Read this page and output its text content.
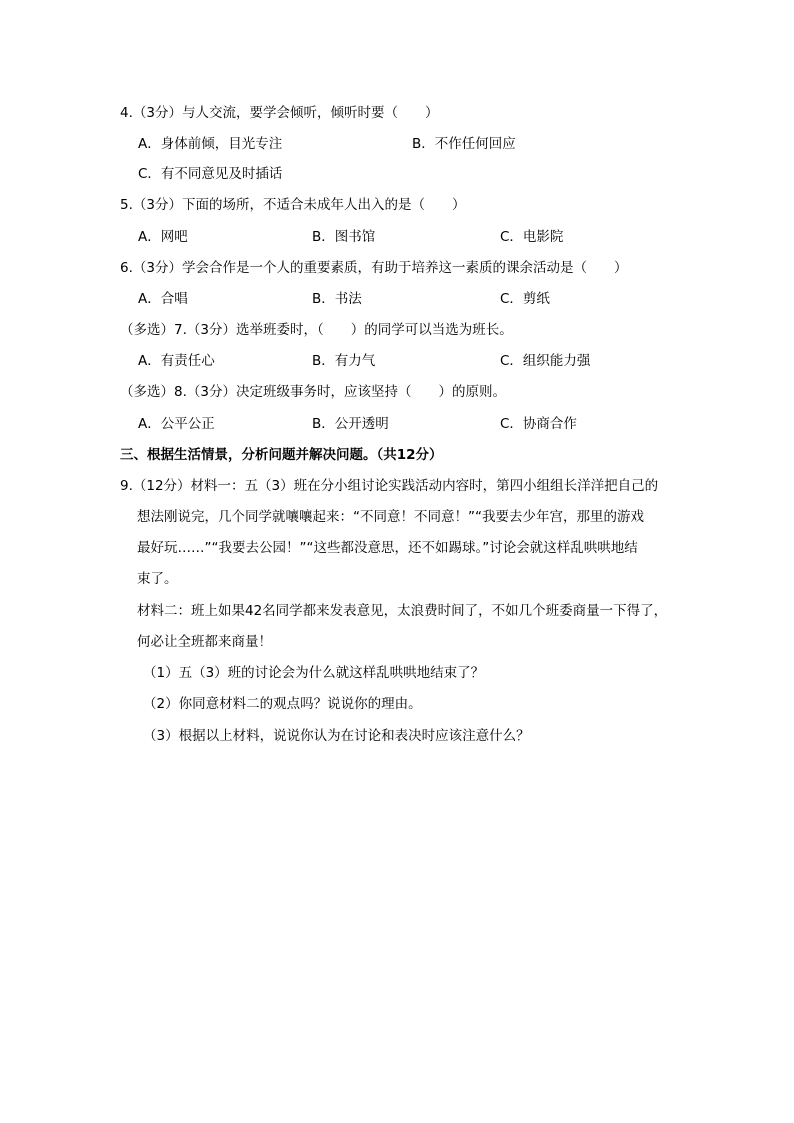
4.（3分）与人交流，要学会倾听，倾听时要（　　）
A．身体前倾，目光专注	B．不作任何回应
C．有不同意见及时插话
5.（3分）下面的场所，不适合未成年人出入的是（　　）
A．网吧	B．图书馆	C．电影院
6.（3分）学会合作是一个人的重要素质，有助于培养这一素质的课余活动是（　　）
A．合唱	B．书法	C．剪纸
（多选）7.（3分）选举班委时，（　　）的同学可以当选为班长。
A．有责任心	B．有力气	C．组织能力强
（多选）8.（3分）决定班级事务时，应该坚持（　　）的原则。
A．公平公正	B．公开透明	C．协商合作
三、根据生活情景，分析问题并解决问题。（共12分）
9.（12分）材料一：五（3）班在分小组讨论实践活动内容时，第四小组组长洋洋把自己的
想法刚说完，几个同学就嚷嚷起来：“不同意！不同意！”“我要去少年宫，那里的游戏
最好玩……”“我要去公园！”“这些都没意思，还不如踢球。”讨论会就这样乱哄哄地结
束了。
材料二：班上如果42名同学都来发表意见，太浪费时间了，不如几个班委商量一下得了，
何必让全班都来商量！
（1）五（3）班的讨论会为什么就这样乱哄哄地结束了？
（2）你同意材料二的观点吗？说说你的理由。
（3）根据以上材料，说说你认为在讨论和表决时应该注意什么？
